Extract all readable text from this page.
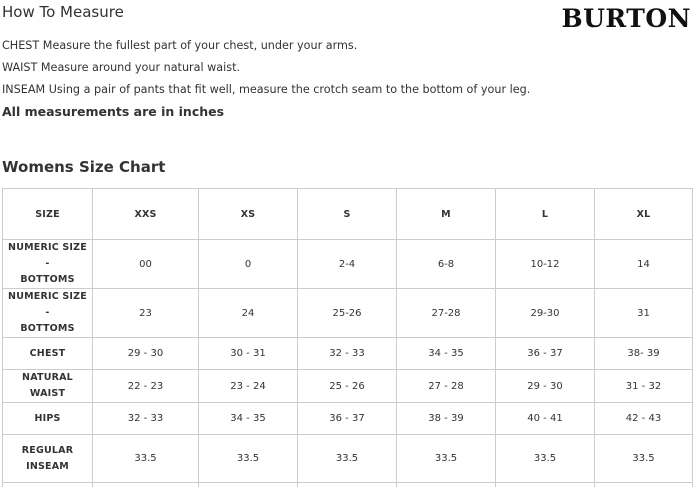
How To Measure	BURTON

CHEST Measure the fullest part of your chest, under your arms.

WAIST Measure around your natural waist.

INSEAM Using a pair of pants that fit well, measure the crotch seam to the bottom of your leg.

All measurements are in inches

Womens Size Chart
SIZE	XXS	XS	S	M	L	XL
NUMERIC SIZE -
BOTTOMS	00	0	2-4	6-8	10-12	14
NUMERIC SIZE -
BOTTOMS	23	24	25-26	27-28	29-30	31
CHEST	29 - 30	30 - 31	32 - 33	34 - 35	36 - 37	38- 39
NATURAL WAIST	22 - 23	23 - 24	25 - 26	27 - 28	29 - 30	31 - 32
HIPS	32 - 33	34 - 35	36 - 37	38 - 39	40 - 41	42 - 43
REGULAR
INSEAM	33.5	33.5	33.5	33.5	33.5	33.5
